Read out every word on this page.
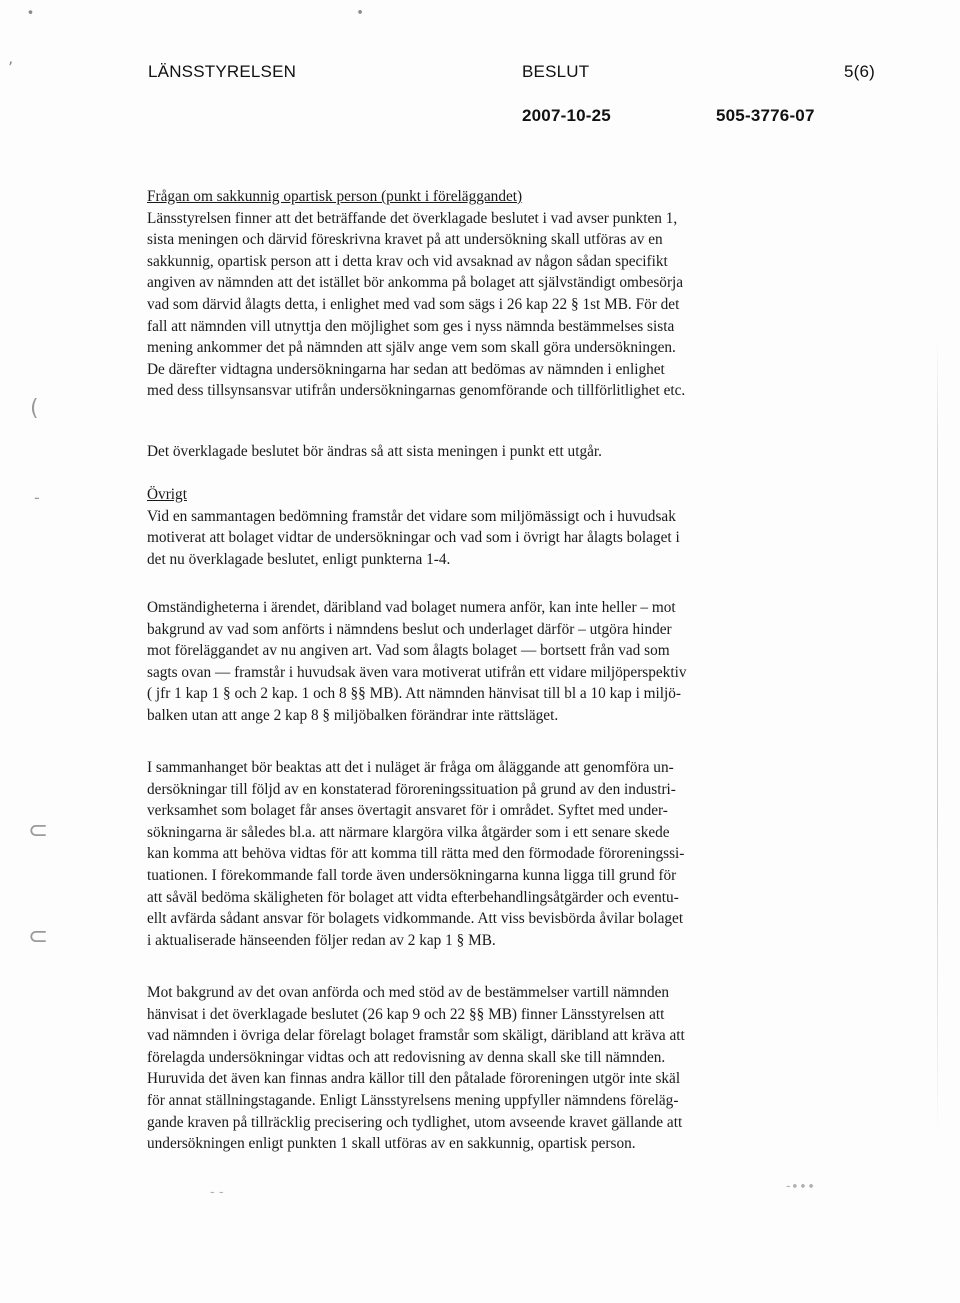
LÄNSSTYRELSEN	BESLUT	5(6)
2007-10-25	505-3776-07
Frågan om sakkunnig opartisk person (punkt i föreläggandet)
Länsstyrelsen finner att det beträffande det överklagade beslutet i vad avser punkten 1,
sista meningen och därvid föreskrivna kravet på att undersökning skall utföras av en
sakkunnig, opartisk person att i detta krav och vid avsaknad av någon sådan specifikt
angiven av nämnden att det istället bör ankomma på bolaget att självständigt ombesörja
vad som därvid ålagts detta, i enlighet med vad som sägs i 26 kap 22 § 1st MB. För det
fall att nämnden vill utnyttja den möjlighet som ges i nyss nämnda bestämmelses sista
mening ankommer det på nämnden att själv ange vem som skall göra undersökningen.
De därefter vidtagna undersökningarna har sedan att bedömas av nämnden i enlighet
med dess tillsynsansvar utifrån undersökningarnas genomförande och tillförlitlighet etc.
Det överklagade beslutet bör ändras så att sista meningen i punkt ett utgår.
Övrigt
Vid en sammantagen bedömning framstår det vidare som miljömässigt och i huvudsak
motiverat att bolaget vidtar de undersökningar och vad som i övrigt har ålagts bolaget i
det nu överklagade beslutet, enligt punkterna 1-4.
Omständigheterna i ärendet, däribland vad bolaget numera anför, kan inte heller – mot
bakgrund av vad som anförts i nämndens beslut och underlaget därför – utgöra hinder
mot föreläggandet av nu angiven art. Vad som ålagts bolaget — bortsett från vad som
sagts ovan — framstår i huvudsak även vara motiverat utifrån ett vidare miljöperspektiv
( jfr 1 kap 1 § och 2 kap. 1 och 8 §§ MB). Att nämnden hänvisat till bl a 10 kap i miljö-
balken utan att ange 2 kap 8 § miljöbalken förändrar inte rättsläget.
I sammanhanget bör beaktas att det i nuläget är fråga om åläggande att genomföra un-
dersökningar till följd av en konstaterad föroreningssituation på grund av den industri-
verksamhet som bolaget får anses övertagit ansvaret för i området. Syftet med under-
sökningarna är således bl.a. att närmare klargöra vilka åtgärder som i ett senare skede
kan komma att behöva vidtas för att komma till rätta med den förmodade föroreningssi-
tuationen. I förekommande fall torde även undersökningarna kunna ligga till grund för
att såväl bedöma skäligheten för bolaget att vidta efterbehandlingsåtgärder och eventu-
ellt avfärda sådant ansvar för bolagets vidkommande. Att viss bevisbörda åvilar bolaget
i aktualiserade hänseenden följer redan av 2 kap 1 § MB.
Mot bakgrund av det ovan anförda och med stöd av de bestämmelser vartill nämnden
hänvisat i det överklagade beslutet (26 kap 9 och 22 §§ MB) finner Länsstyrelsen att
vad nämnden i övriga delar förelagt bolaget framstår som skäligt, däribland att kräva att
förelagda undersökningar vidtas och att redovisning av denna skall ske till nämnden.
Huruvida det även kan finnas andra källor till den påtalade föroreningen utgör inte skäl
för annat ställningstagande. Enligt Länsstyrelsens mening uppfyller nämndens föreläg-
gande kraven på tillräcklig precisering och tydlighet, utom avseende kravet gällande att
undersökningen enligt punkten 1 skall utföras av en sakkunnig, opartisk person.
∙	∙
’
(
‐
⊂
⊂
‐ ‐	‐∙∙∙
